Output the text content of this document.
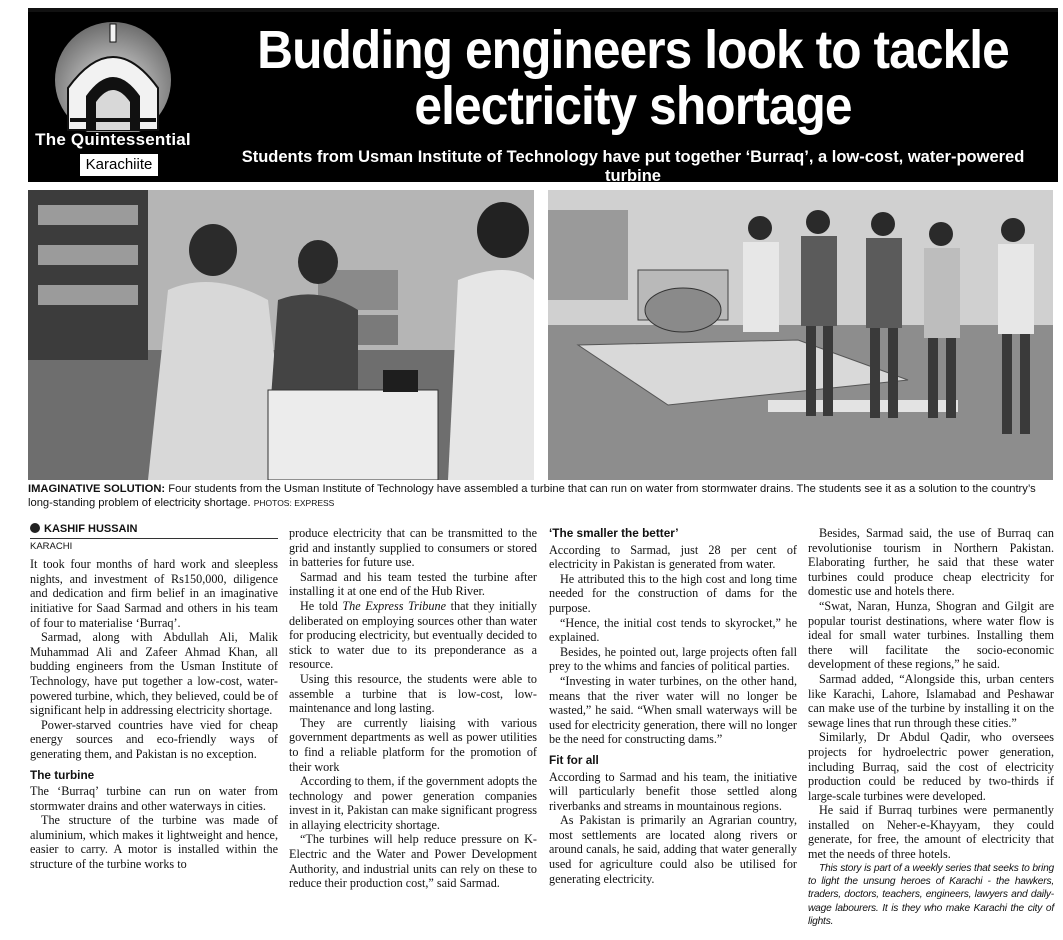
The Quintessential
Karachiite
Budding engineers look to tackle electricity shortage
Students from Usman Institute of Technology have put together ‘Burraq’, a low-cost, water-powered turbine
IMAGINATIVE SOLUTION: Four students from the Usman Institute of Technology have assembled a turbine that can run on water from stormwater drains. The students see it as a solution to the country’s long-standing problem of electricity shortage. PHOTOS: EXPRESS
KASHIF HUSSAIN
KARACHI

It took four months of hard work and sleepless nights, and investment of Rs150,000, diligence and dedication and firm belief in an imaginative initiative for Saad Sarmad and others in his team of four to materialise ‘Burraq’.

Sarmad, along with Abdullah Ali, Malik Muhammad Ali and Zafeer Ahmad Khan, all budding engineers from the Usman Institute of Technology, have put together a low-cost, water-powered turbine, which, they believed, could be of significant help in addressing electricity shortage.

Power-starved countries have vied for cheap energy sources and eco-friendly ways of generating them, and Pakistan is no exception.

The turbine

The ‘Burraq’ turbine can run on water from stormwater drains and other waterways in cities.

The structure of the turbine was made of aluminium, which makes it lightweight and hence, easier to carry. A motor is installed within the structure of the turbine works to

produce electricity that can be transmitted to the grid and instantly supplied to consumers or stored in batteries for future use.

Sarmad and his team tested the turbine after installing it at one end of the Hub River.

He told The Express Tribune that they initially deliberated on employing sources other than water for producing electricity, but eventually decided to stick to water due to its preponderance as a resource.

Using this resource, the students were able to assemble a turbine that is low-cost, low-maintenance and long lasting.

They are currently liaising with various government departments as well as power utilities to find a reliable platform for the promotion of their work

According to them, if the government adopts the technology and power generation companies invest in it, Pakistan can make significant progress in allaying electricity shortage.

“The turbines will help reduce pressure on K-Electric and the Water and Power Development Authority, and industrial units can rely on these to reduce their production cost,” said Sarmad.

‘The smaller the better’

According to Sarmad, just 28 per cent of electricity in Pakistan is generated from water.

He attributed this to the high cost and long time needed for the construction of dams for the purpose.

“Hence, the initial cost tends to skyrocket,” he explained.

Besides, he pointed out, large projects often fall prey to the whims and fancies of political parties.

“Investing in water turbines, on the other hand, means that the river water will no longer be wasted,” he said. “When small waterways will be used for electricity generation, there will no longer be the need for constructing dams.”

Fit for all

According to Sarmad and his team, the initiative will particularly benefit those settled along riverbanks and streams in mountainous regions.

As Pakistan is primarily an Agrarian country, most settlements are located along rivers or around canals, he said, adding that water generally used for agriculture could also be utilised for generating electricity.

Besides, Sarmad said, the use of Burraq can revolutionise tourism in Northern Pakistan. Elaborating further, he said that these water turbines could produce cheap electricity for domestic use and hotels there.

“Swat, Naran, Hunza, Shogran and Gilgit are popular tourist destinations, where water flow is ideal for small water turbines. Installing them there will facilitate the socio-economic development of these regions,” he said.

Sarmad added, “Alongside this, urban centers like Karachi, Lahore, Islamabad and Peshawar can make use of the turbine by installing it on the sewage lines that run through these cities.”

Similarly, Dr Abdul Qadir, who oversees projects for hydroelectric power generation, including Burraq, said the cost of electricity production could be reduced by two-thirds if large-scale turbines were developed.

He said if Burraq turbines were permanently installed on Neher-e-Khayyam, they could generate, for free, the amount of electricity that met the needs of three hotels.

This story is part of a weekly series that seeks to bring to light the unsung heroes of Karachi - the hawkers, traders, doctors, teachers, engineers, lawyers and daily-wage labourers. It is they who make Karachi the city of lights.
